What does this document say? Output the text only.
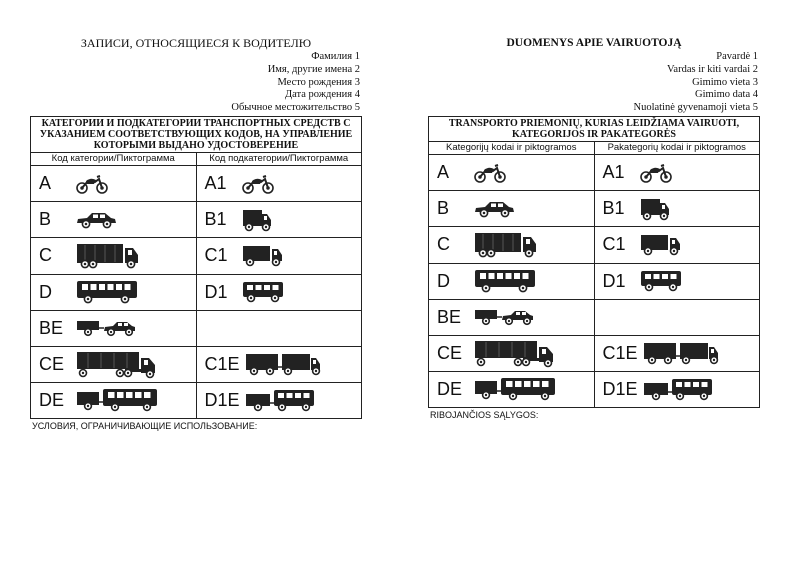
ЗАПИСИ, ОТНОСЯЩИЕСЯ К ВОДИТЕЛЮ
Фамилия 1
Имя, другие имена 2
Место рождения 3
Дата рождения 4
Обычное местожительство 5
КАТЕГОРИИ И ПОДКАТЕГОРИИ ТРАНСПОРТНЫХ СРЕДСТВ С УКАЗАНИЕМ СООТВЕТСТВУЮЩИХ КОДОВ, НА УПРАВЛЕНИЕ КОТОРЫМИ ВЫДАНО УДОСТОВЕРЕНИЕ
Код категории/Пиктограмма	Код подкатегории/Пиктограмма
A	A1
B	B1
C	C1
D	D1
BE
CE	C1E
DE	D1E
УСЛОВИЯ, ОГРАНИЧИВАЮЩИЕ ИСПОЛЬЗОВАНИЕ:
DUOMENYS APIE VAIRUOTOJĄ
Pavardė 1
Vardas ir kiti vardai 2
Gimimo vieta 3
Gimimo data 4
Nuolatinė gyvenamoji vieta 5
TRANSPORTO PRIEMONIŲ, KURIAS LEIDŽIAMA VAIRUOTI, KATEGORIJOS IR PAKATEGORĖS
Kategorijų kodai ir piktogramos	Pakategorių kodai ir piktogramos
A	A1
B	B1
C	C1
D	D1
BE
CE	C1E
DE	D1E
RIBOJANČIOS SĄLYGOS:
